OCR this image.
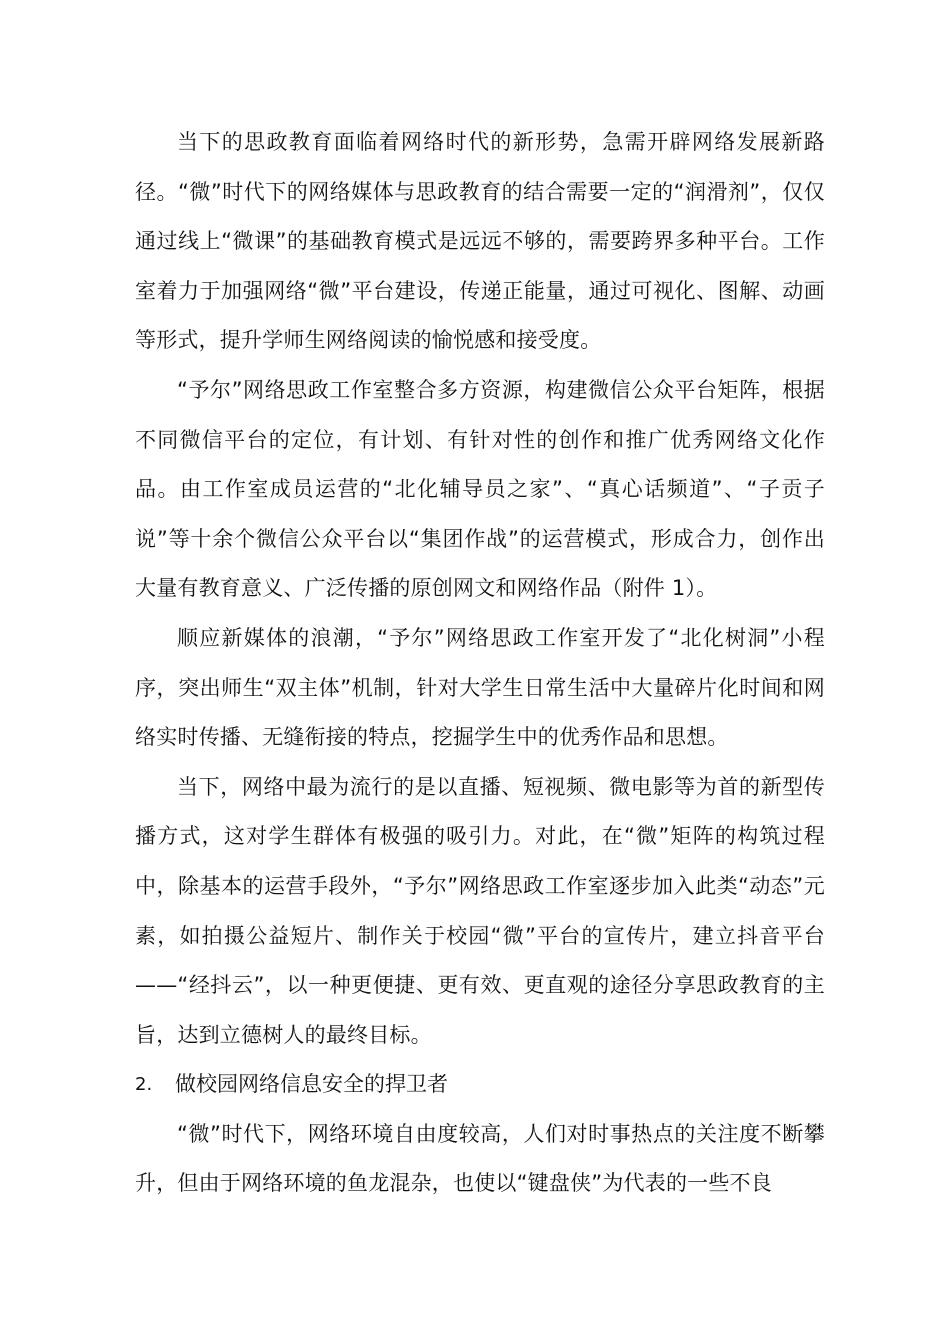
当下的思政教育面临着网络时代的新形势，急需开辟网络发展新路径。“微”时代下的网络媒体与思政教育的结合需要一定的“润滑剂”，仅仅通过线上“微课”的基础教育模式是远远不够的，需要跨界多种平台。工作室着力于加强网络“微”平台建设，传递正能量，通过可视化、图解、动画等形式，提升学师生网络阅读的愉悦感和接受度。

“予尔”网络思政工作室整合多方资源，构建微信公众平台矩阵，根据不同微信平台的定位，有计划、有针对性的创作和推广优秀网络文化作品。由工作室成员运营的“北化辅导员之家”、“真心话频道”、“子贡子说”等十余个微信公众平台以“集团作战”的运营模式，形成合力，创作出大量有教育意义、广泛传播的原创网文和网络作品（附件 1）。

顺应新媒体的浪潮，“予尔”网络思政工作室开发了“北化树洞”小程序，突出师生“双主体”机制，针对大学生日常生活中大量碎片化时间和网络实时传播、无缝衔接的特点，挖掘学生中的优秀作品和思想。

当下，网络中最为流行的是以直播、短视频、微电影等为首的新型传播方式，这对学生群体有极强的吸引力。对此，在“微”矩阵的构筑过程中，除基本的运营手段外，“予尔”网络思政工作室逐步加入此类“动态”元素，如拍摄公益短片、制作关于校园“微”平台的宣传片，建立抖音平台——“经抖云”，以一种更便捷、更有效、更直观的途径分享思政教育的主旨，达到立德树人的最终目标。

2.	做校园网络信息安全的捍卫者

“微”时代下，网络环境自由度较高，人们对时事热点的关注度不断攀升，但由于网络环境的鱼龙混杂，也使以“键盘侠”为代表的一些不良
